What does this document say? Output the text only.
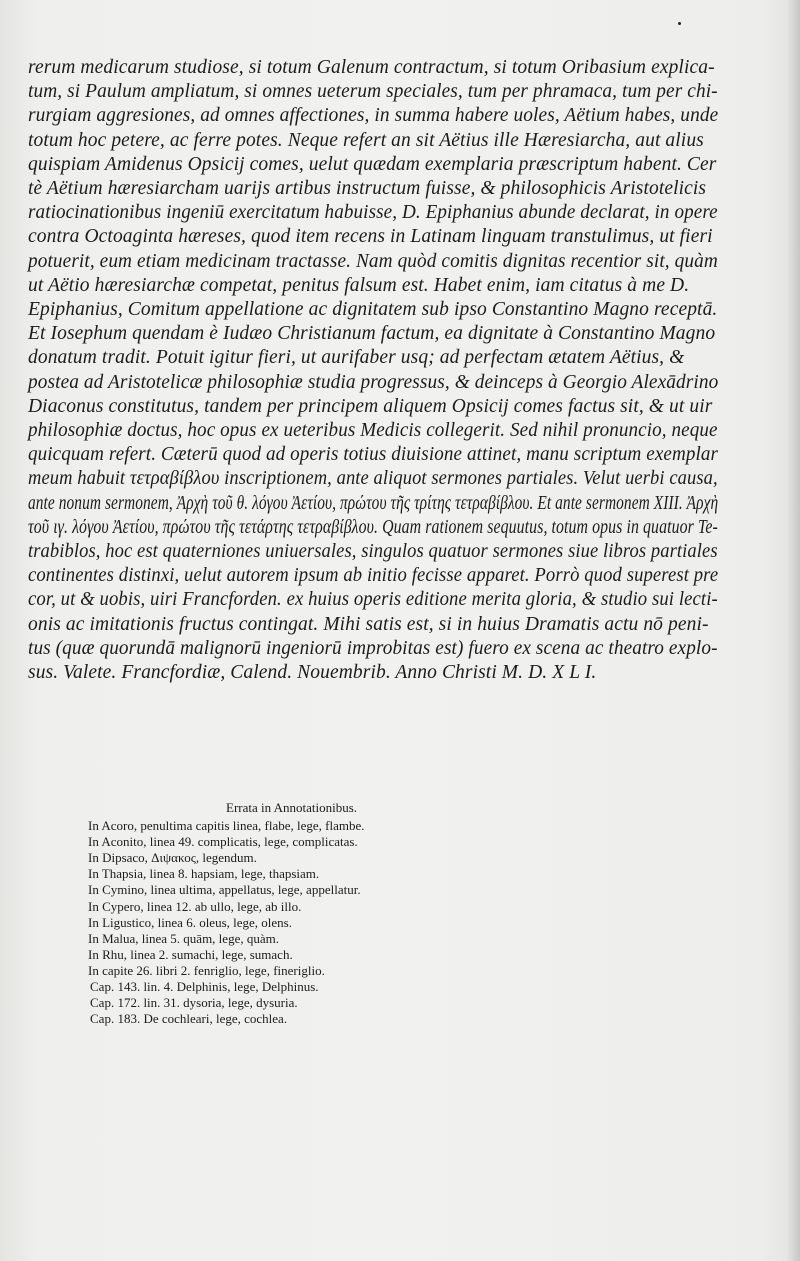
rerum medicarum studiose, si totum Galenum contractum, si totum Oribasium explica-
tum, si Paulum ampliatum, si omnes ueterum speciales, tum per phramaca, tum per chi-
rurgiam aggresiones, ad omnes affectiones, in summa habere uoles, Aëtium habes, unde
totum hoc petere, ac ferre potes. Neque refert an sit Aëtius ille Hæresiarcha, aut alius
quispiam Amidenus Opsicij comes, uelut quædam exemplaria præscriptum habent. Cer
tè Aëtium hæresiarcham uarijs artibus instructum fuisse, & philosophicis Aristotelicis
ratiocinationibus ingeniū exercitatum habuisse, D. Epiphanius abunde declarat, in opere
contra Octoaginta hæreses, quod item recens in Latinam linguam transtulimus, ut fieri
potuerit, eum etiam medicinam tractasse. Nam quòd comitis dignitas recentior sit, quàm
ut Aëtio hæresiarchæ competat, penitus falsum est. Habet enim, iam citatus à me D.
Epiphanius, Comitum appellatione ac dignitatem sub ipso Constantino Magno receptā.
Et Iosephum quendam è Iudæo Christianum factum, ea dignitate à Constantino Magno
donatum tradit. Potuit igitur fieri, ut aurifaber usq; ad perfectam ætatem Aëtius, &
postea ad Aristotelicæ philosophiæ studia progressus, & deinceps à Georgio Alexādrino
Diaconus constitutus, tandem per principem aliquem Opsicij comes factus sit, & ut uir
philosophiæ doctus, hoc opus ex ueteribus Medicis collegerit. Sed nihil pronuncio, neque
quicquam refert. Cæterū quod ad operis totius diuisione attinet, manu scriptum exemplar
meum habuit τετραβίβλου inscriptionem, ante aliquot sermones partiales. Velut uerbi causa,
ante nonum sermonem, Ἀρχὴ τοῦ θ. λόγου Ἀετίου, πρώτου τῆς τρίτης τετραβίβλου. Et ante sermonem XIII. Ἀρχὴ
τοῦ ιγ. λόγου Ἀετίου, πρώτου τῆς τετάρτης τετραβίβλου. Quam rationem sequutus, totum opus in quatuor Te-
trabiblos, hoc est quaterniones uniuersales, singulos quatuor sermones siue libros partiales
continentes distinxi, uelut autorem ipsum ab initio fecisse apparet. Porrò quod superest pre
cor, ut & uobis, uiri Francforden. ex huius operis editione merita gloria, & studio sui lecti-
onis ac imitationis fructus contingat. Mihi satis est, si in huius Dramatis actu nō peni-
tus (quæ quorundā malignorū ingeniorū improbitas est) fuero ex scena ac theatro explo-
sus. Valete. Francfordiæ, Calend. Nouembrib. Anno Christi M. D. X L I.
Errata in Annotationibus.
In Acoro, penultima capitis linea, flabe, lege, flambe.
In Aconito, linea 49. complicatis, lege, complicatas.
In Dipsaco, Διψακος, legendum.
In Thapsia, linea 8. hapsiam, lege, thapsiam.
In Cymino, linea ultima, appellatus, lege, appellatur.
In Cypero, linea 12. ab ullo, lege, ab illo.
In Ligustico, linea 6. oleus, lege, olens.
In Malua, linea 5. quām, lege, quàm.
In Rhu, linea 2. sumachi, lege, sumach.
In capite 26. libri 2. fenriglio, lege, fineriglio.
Cap. 143. lin. 4. Delphinis, lege, Delphinus.
Cap. 172. lin. 31. dysoria, lege, dysuria.
Cap. 183. De cochleari, lege, cochlea.
